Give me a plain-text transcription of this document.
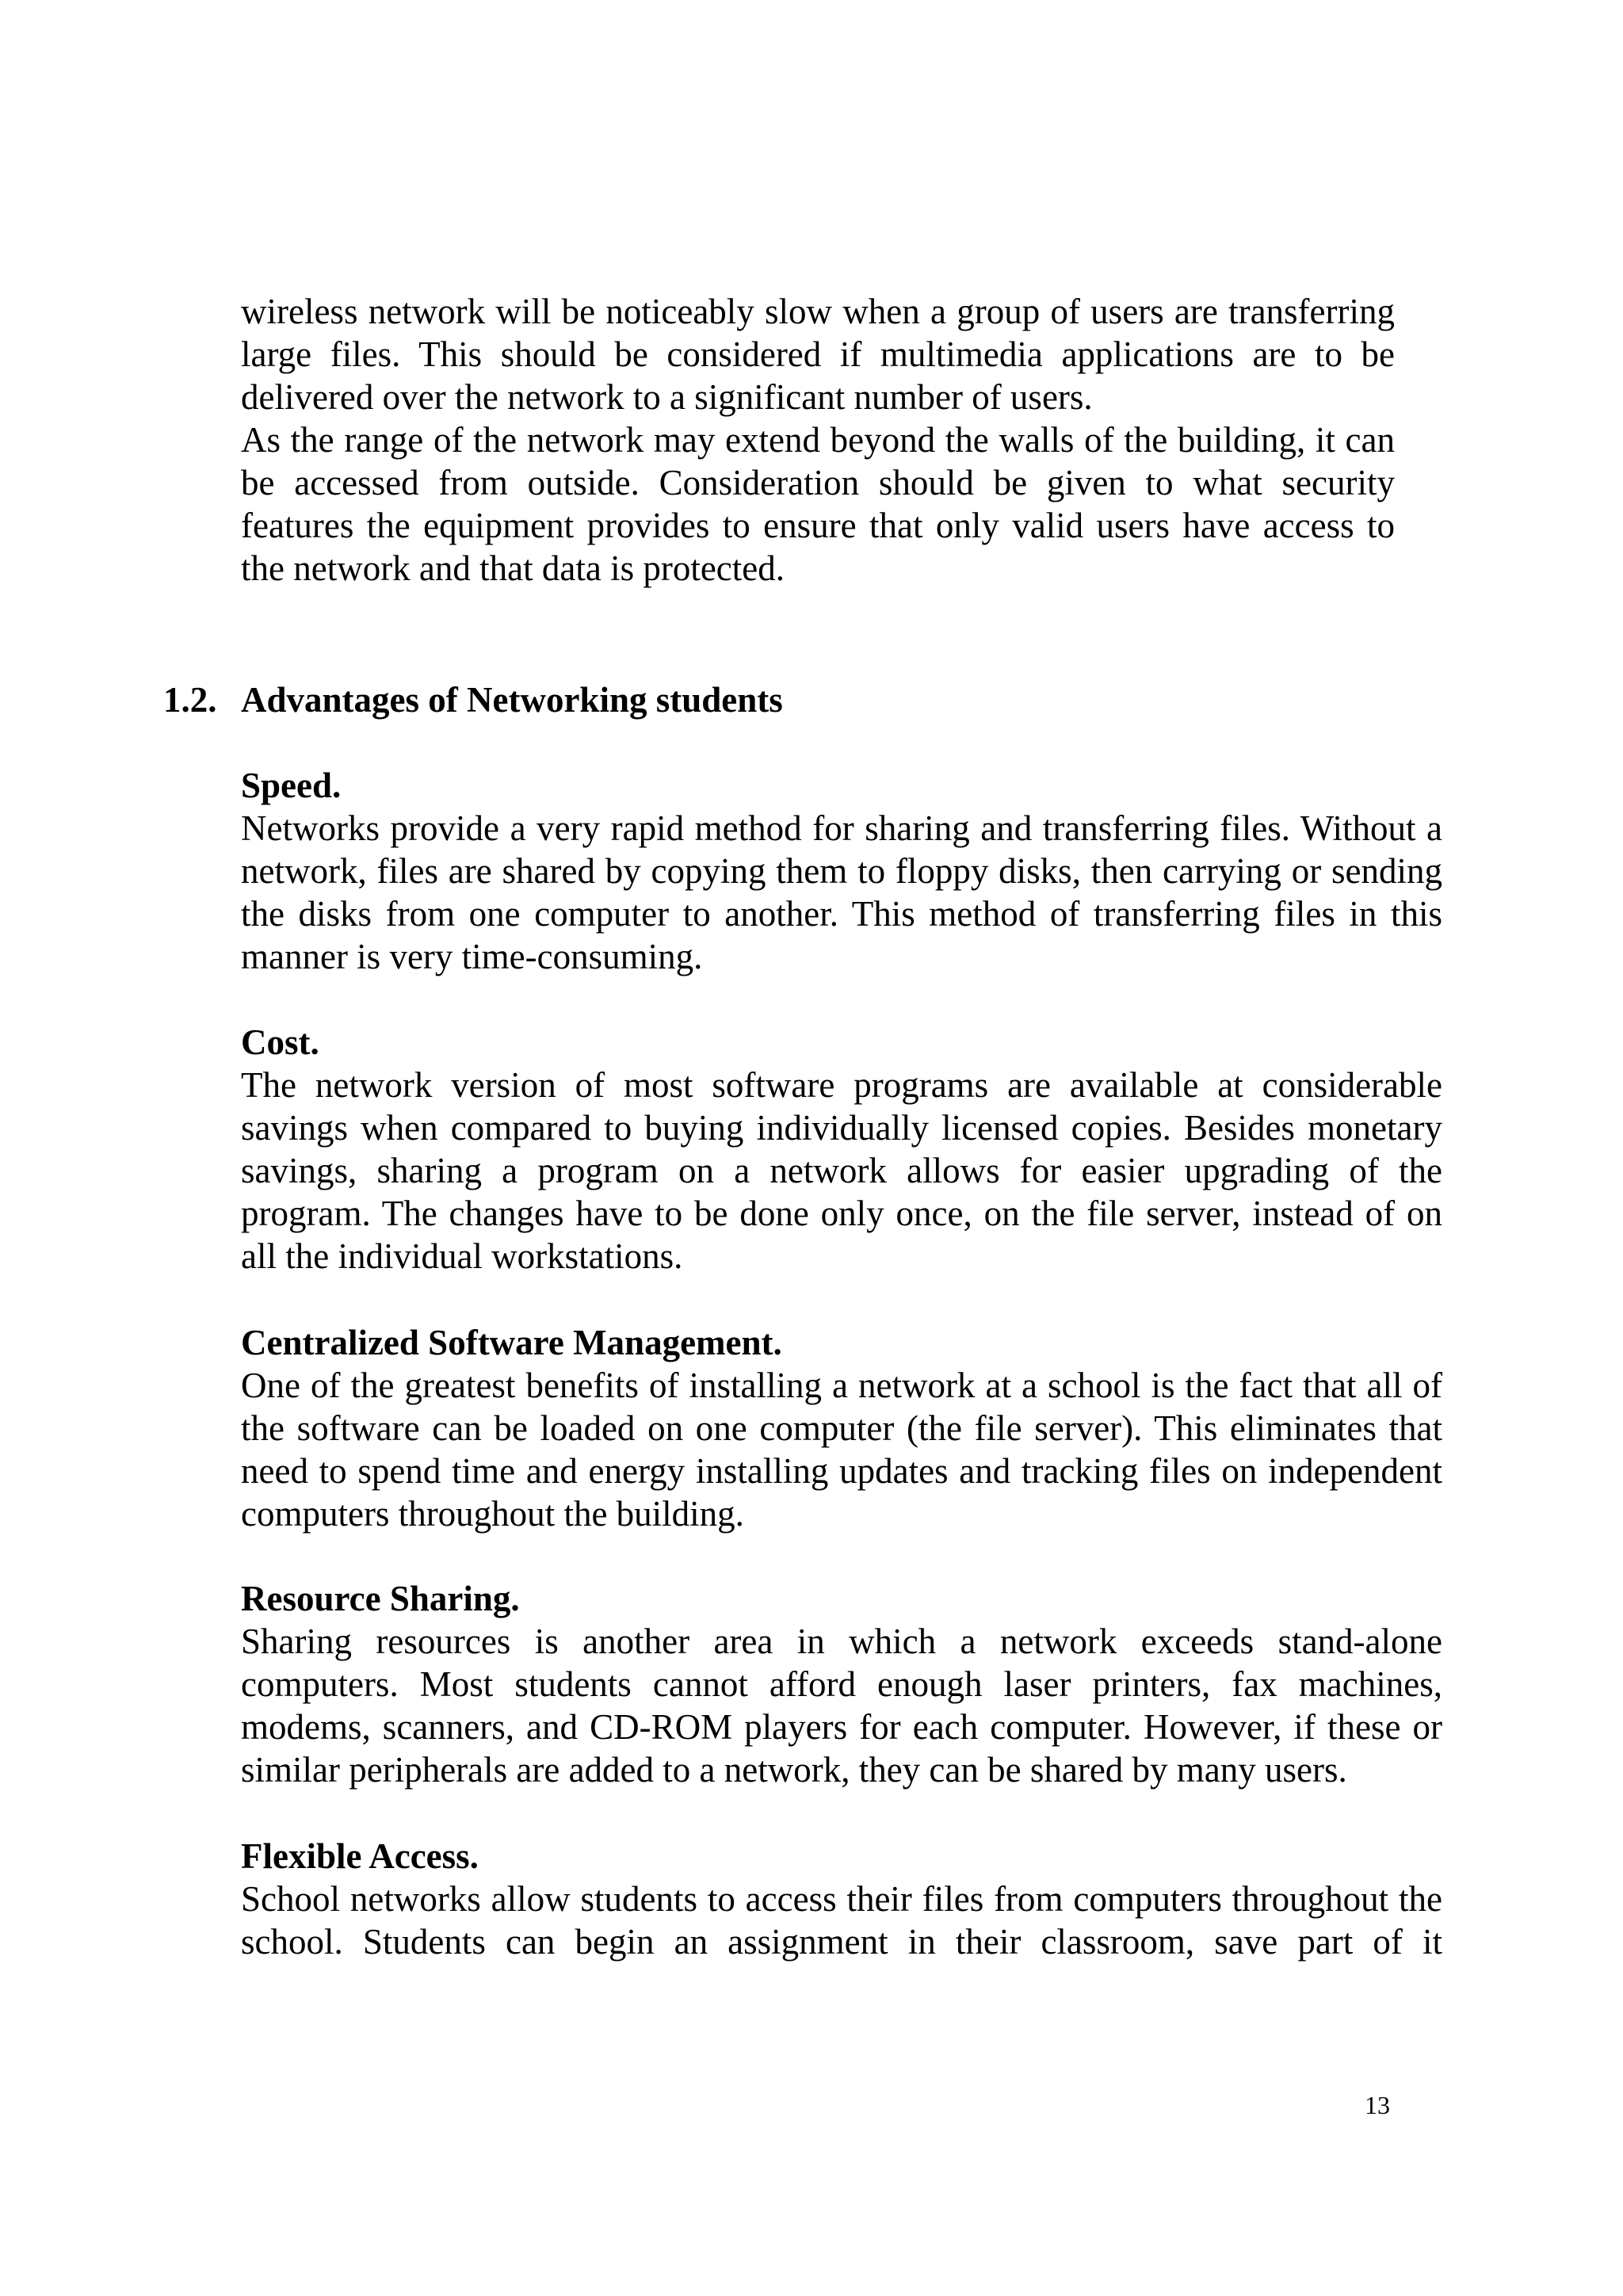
wireless network will be noticeably slow when a group of users are transferring large files. This should be considered if multimedia applications are to be delivered over the network to a significant number of users.

As the range of the network may extend beyond the walls of the building, it can be accessed from outside. Consideration should be given to what security features the equipment provides to ensure that only valid users have access to the network and that data is protected.

1.2. Advantages of Networking students

Speed.

Networks provide a very rapid method for sharing and transferring files. Without a network, files are shared by copying them to floppy disks, then carrying or sending the disks from one computer to another. This method of transferring files in this manner is very time-consuming.

Cost.

The network version of most software programs are available at considerable savings when compared to buying individually licensed copies. Besides monetary savings, sharing a program on a network allows for easier upgrading of the program. The changes have to be done only once, on the file server, instead of on all the individual workstations.

Centralized Software Management.

One of the greatest benefits of installing a network at a school is the fact that all of the software can be loaded on one computer (the file server). This eliminates that need to spend time and energy installing updates and tracking files on independent computers throughout the building.

Resource Sharing.

Sharing resources is another area in which a network exceeds stand-alone computers. Most students cannot afford enough laser printers, fax machines, modems, scanners, and CD-ROM players for each computer. However, if these or similar peripherals are added to a network, they can be shared by many users.

Flexible Access.

School networks allow students to access their files from computers throughout the school. Students can begin an assignment in their classroom, save part of it

13
